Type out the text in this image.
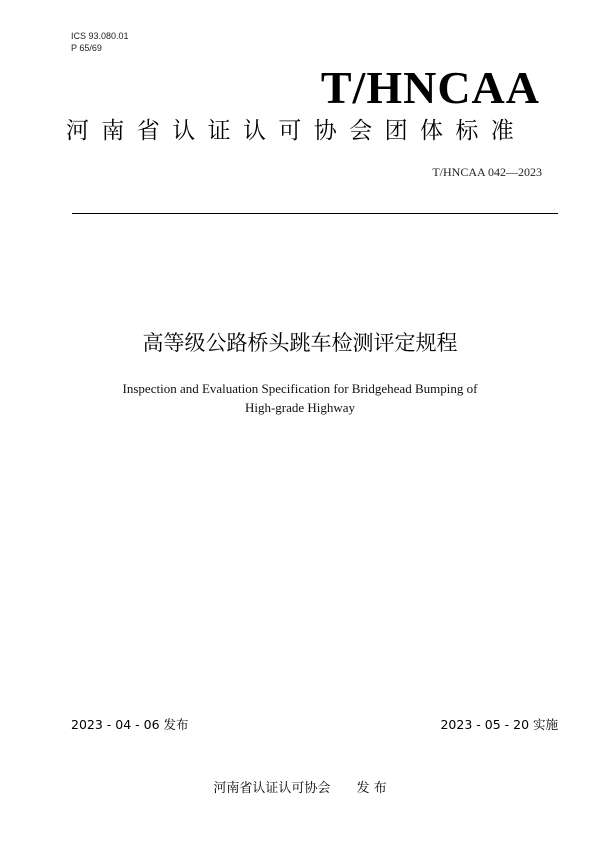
ICS 93.080.01
P 65/69
T/HNCAA
河南省认证认可协会团体标准
T/HNCAA 042—2023
高等级公路桥头跳车检测评定规程
Inspection and Evaluation Specification for Bridgehead Bumping of
High-grade Highway
2023 - 04 - 06 发布	2023 - 05 - 20 实施
河南省认证认可协会 发 布
